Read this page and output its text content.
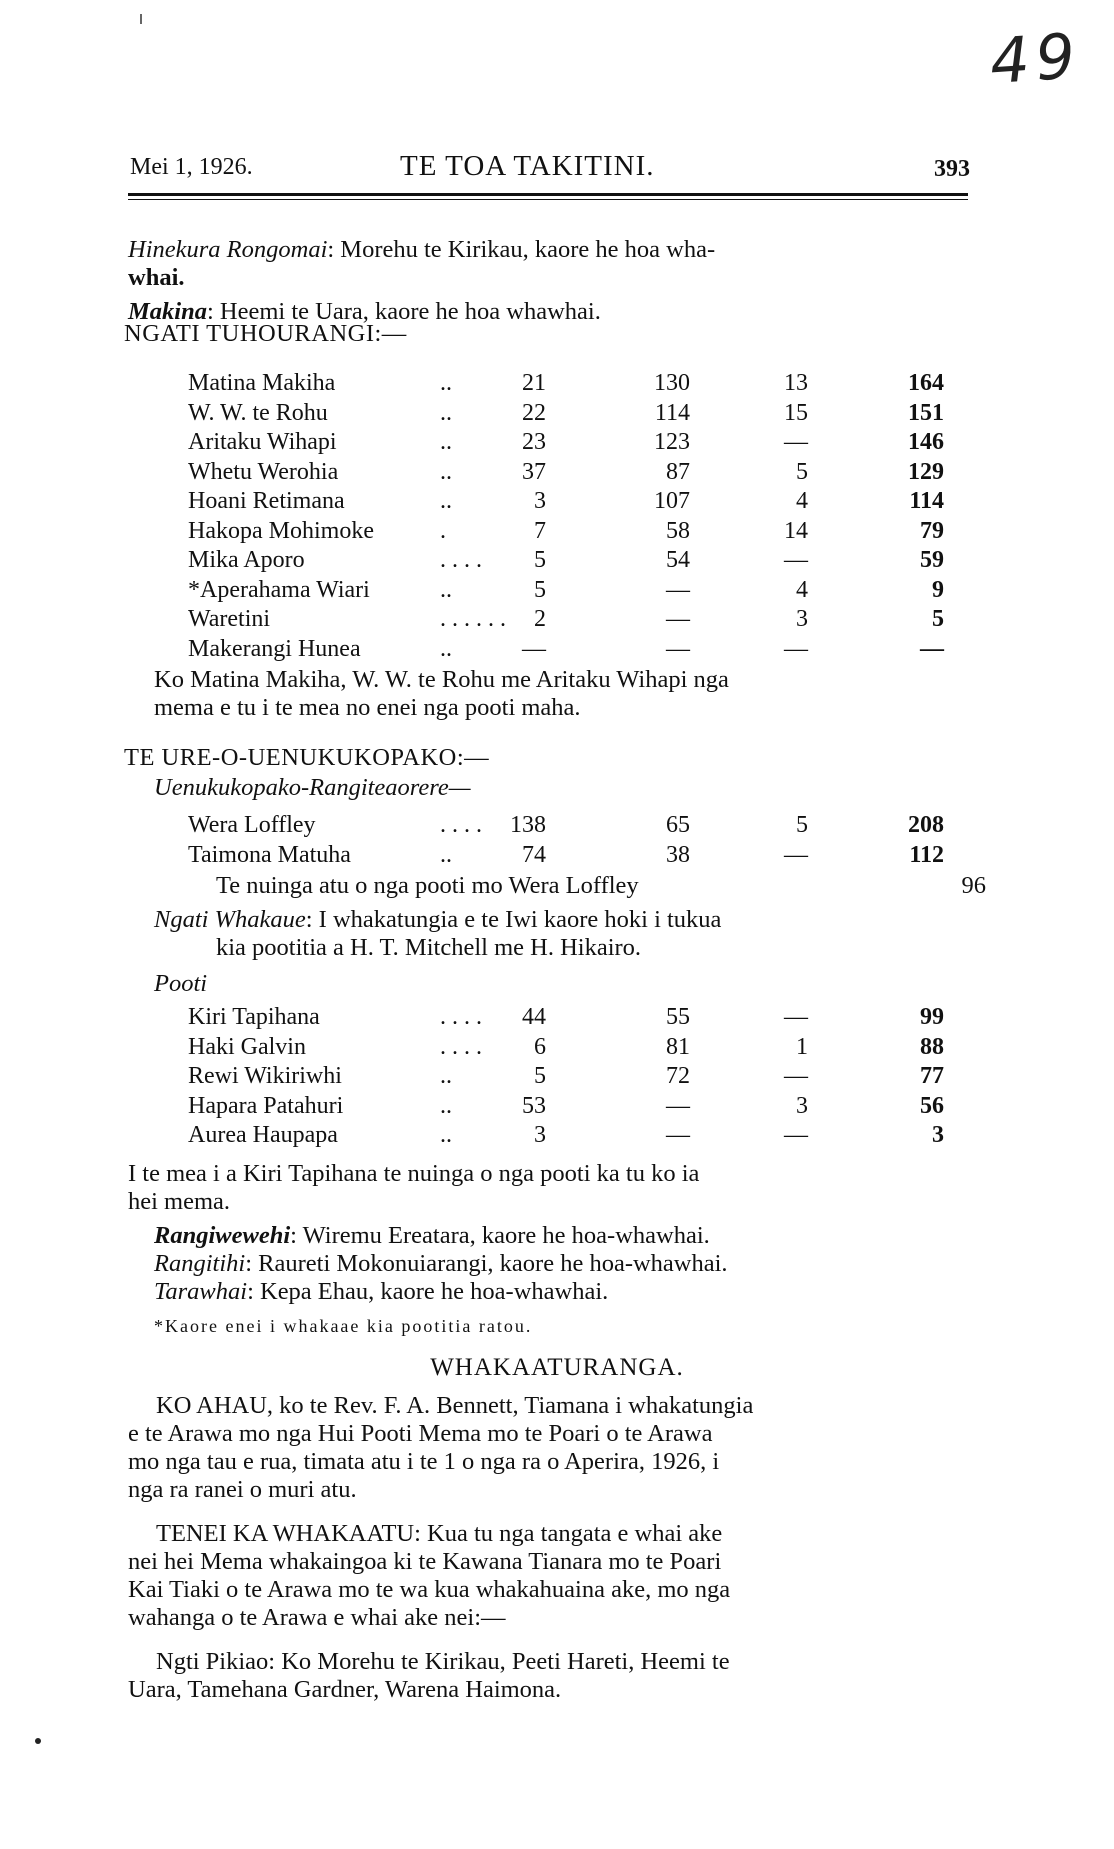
49
Mei 1, 1926.	TE TOA TAKITINI.	393
Hinekura Rongomai: Morehu te Kirikau, kaore he hoa wha-
whai.
Makina: Heemi te Uara, kaore he hoa whawhai.
NGATI TUHOURANGI:—
Matina Makiha	..	21	130	13	164
W. W. te Rohu	..	22	114	15	151
Aritaku Wihapi	..	23	123	—	146
Whetu Werohia	..	37	87	5	129
Hoani Retimana	..	3	107	4	114
Hakopa Mohimoke	.	7	58	14	79
Mika Aporo	. . . .	5	54	—	59
*Aperahama Wiari	..	5	—	4	9
Waretini	. . . . . .	2	—	3	5
Makerangi Hunea	..	—	—	—	—
Ko Matina Makiha, W. W. te Rohu me Aritaku Wihapi nga
mema e tu i te mea no enei nga pooti maha.
TE URE-O-UENUKUKOPAKO:—
Uenukukopako-Rangiteaorere—
Wera Loffley	. . . .	138	65	5	208
Taimona Matuha	..	74	38	—	112
Te nuinga atu o nga pooti mo Wera Loffley	96
Ngati Whakaue: I whakatungia e te Iwi kaore hoki i tukua
kia pootitia a H. T. Mitchell me H. Hikairo.
Pooti
Kiri Tapihana	. . . .	44	55	—	99
Haki Galvin	. . . .	6	81	1	88
Rewi Wikiriwhi	..	5	72	—	77
Hapara Patahuri	..	53	—	3	56
Aurea Haupapa	..	3	—	—	3
I te mea i a Kiri Tapihana te nuinga o nga pooti ka tu ko ia
hei mema.
Rangiwewehi: Wiremu Ereatara, kaore he hoa-whawhai.
Rangitihi: Raureti Mokonuiarangi, kaore he hoa-whawhai.
Tarawhai: Kepa Ehau, kaore he hoa-whawhai.
*Kaore enei i whakaae kia pootitia ratou.
WHAKAATURANGA.
KO AHAU, ko te Rev. F. A. Bennett, Tiamana i whakatungia
e te Arawa mo nga Hui Pooti Mema mo te Poari o te Arawa
mo nga tau e rua, timata atu i te 1 o nga ra o Aperira, 1926, i
nga ra ranei o muri atu.
TENEI KA WHAKAATU: Kua tu nga tangata e whai ake
nei hei Mema whakaingoa ki te Kawana Tianara mo te Poari
Kai Tiaki o te Arawa mo te wa kua whakahuainа ake, mo nga
wahanga o te Arawa e whai ake nei:—
Ngti Pikiao: Ko Morehu te Kirikau, Peeti Hareti, Heemi te
Uara, Tamehana Gardner, Warena Haimona.
